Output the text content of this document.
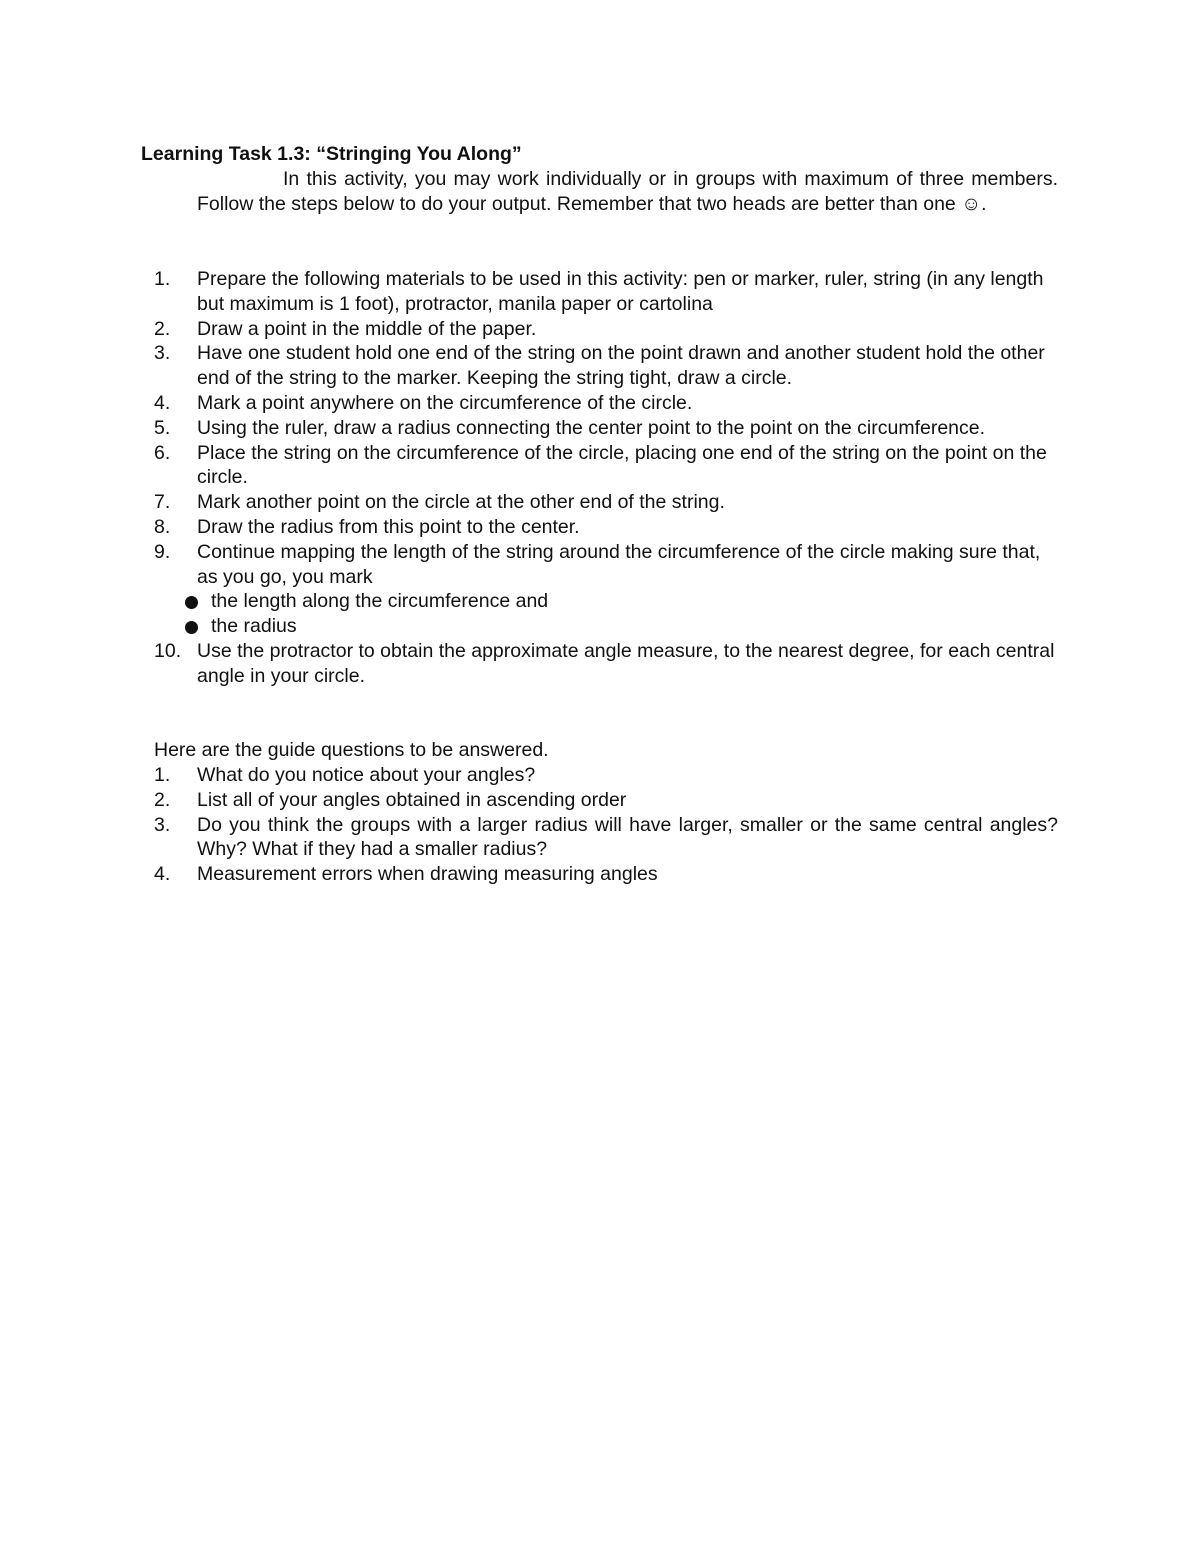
Learning Task 1.3: “Stringing You Along”
In this activity, you may work individually or in groups with maximum of three members. Follow the steps below to do your output. Remember that two heads are better than one ☺.
1.	Prepare the following materials to be used in this activity: pen or marker, ruler, string (in any length but maximum is 1 foot), protractor, manila paper or cartolina
2.	Draw a point in the middle of the paper.
3.	Have one student hold one end of the string on the point drawn and another student hold the other end of the string to the marker. Keeping the string tight, draw a circle.
4.	Mark a point anywhere on the circumference of the circle.
5.	Using the ruler, draw a radius connecting the center point to the point on the circumference.
6.	Place the string on the circumference of the circle, placing one end of the string on the point on the circle.
7.	Mark another point on the circle at the other end of the string.
8.	Draw the radius from this point to the center.
9.	Continue mapping the length of the string around the circumference of the circle making sure that, as you go, you mark
the length along the circumference and
the radius
10. Use the protractor to obtain the approximate angle measure, to the nearest degree, for each central angle in your circle.
Here are the guide questions to be answered.
1.	What do you notice about your angles?
2.	List all of your angles obtained in ascending order
3.	Do you think the groups with a larger radius will have larger, smaller or the same central angles? Why? What if they had a smaller radius?
4.	Measurement errors when drawing measuring angles
